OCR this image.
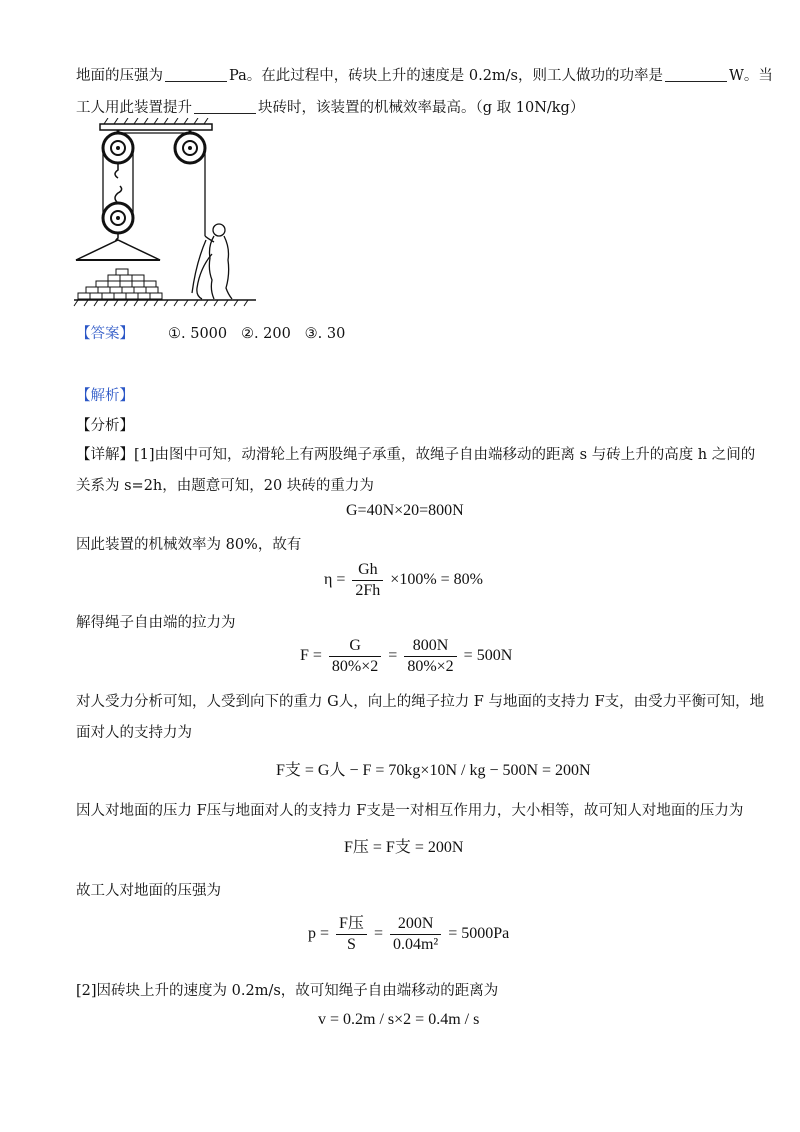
地面的压强为	Pa。在此过程中，砖块上升的速度是 0.2m/s，则工人做功的功率是	W。当
工人用此装置提升	块砖时，该装置的机械效率最高。（g 取 10N/kg）
【答案】 ①. 5000   ②. 200   ③. 30
【解析】
【分析】
【详解】[1]由图中可知，动滑轮上有两股绳子承重，故绳子自由端移动的距离 s 与砖上升的高度 h 之间的
关系为 s=2h，由题意可知，20 块砖的重力为
G=40N×20=800N
因此装置的机械效率为 80%，故有
$\eta = \frac{Gh}{2Fh} \times 100\% = 80\%$
解得绳子自由端的拉力为
$F = \frac{G}{80\%\times 2} = \frac{800N}{80\%\times 2} = 500N$
对人受力分析可知，人受到向下的重力 G人，向上的绳子拉力 F 与地面的支持力 F支，由受力平衡可知，地
面对人的支持力为
F支 = G人 − F = 70kg×10N / kg − 500N = 200N
因人对地面的压力 F压与地面对人的支持力 F支是一对相互作用力，大小相等，故可知人对地面的压力为
F压 = F支 = 200N
故工人对地面的压强为
$p = \frac{\text{F压}}{S} = \frac{200N}{\text{0.04m²}} = 5000Pa$
[2]因砖块上升的速度为 0.2m/s，故可知绳子自由端移动的距离为
v = 0.2m / s×2 = 0.4m / s
